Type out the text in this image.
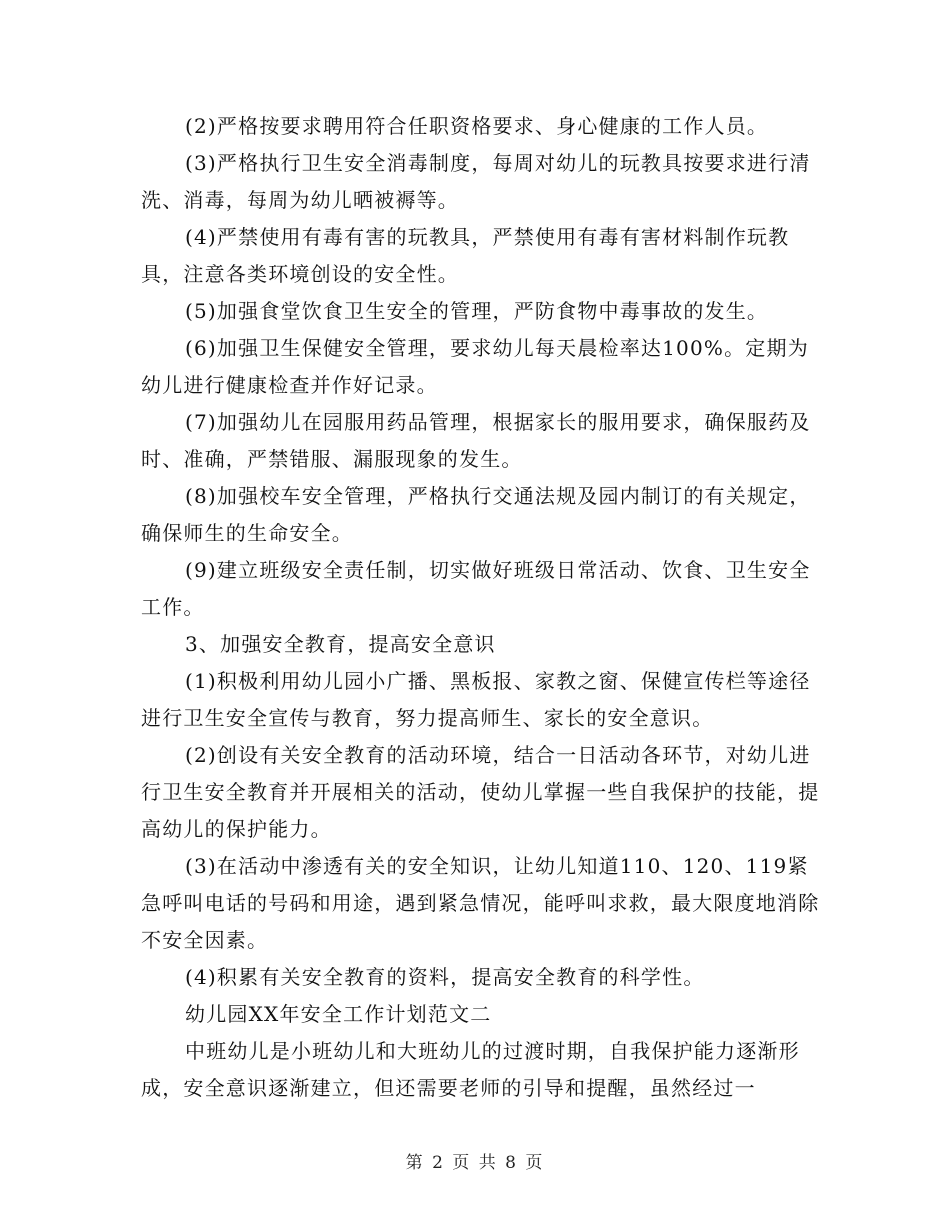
(2)严格按要求聘用符合任职资格要求、身心健康的工作人员。

(3)严格执行卫生安全消毒制度，每周对幼儿的玩教具按要求进行清洗、消毒，每周为幼儿晒被褥等。

(4)严禁使用有毒有害的玩教具，严禁使用有毒有害材料制作玩教具，注意各类环境创设的安全性。

(5)加强食堂饮食卫生安全的管理，严防食物中毒事故的发生。

(6)加强卫生保健安全管理，要求幼儿每天晨检率达100%。定期为幼儿进行健康检查并作好记录。

(7)加强幼儿在园服用药品管理，根据家长的服用要求，确保服药及时、准确，严禁错服、漏服现象的发生。

(8)加强校车安全管理，严格执行交通法规及园内制订的有关规定，确保师生的生命安全。

(9)建立班级安全责任制，切实做好班级日常活动、饮食、卫生安全工作。

3、加强安全教育，提高安全意识

(1)积极利用幼儿园小广播、黑板报、家教之窗、保健宣传栏等途径进行卫生安全宣传与教育，努力提高师生、家长的安全意识。

(2)创设有关安全教育的活动环境，结合一日活动各环节，对幼儿进行卫生安全教育并开展相关的活动，使幼儿掌握一些自我保护的技能，提高幼儿的保护能力。

(3)在活动中渗透有关的安全知识，让幼儿知道110、120、119紧急呼叫电话的号码和用途，遇到紧急情况，能呼叫求救，最大限度地消除不安全因素。

(4)积累有关安全教育的资料，提高安全教育的科学性。

幼儿园XX年安全工作计划范文二

中班幼儿是小班幼儿和大班幼儿的过渡时期，自我保护能力逐渐形成，安全意识逐渐建立，但还需要老师的引导和提醒，虽然经过一

第 2 页 共 8 页
